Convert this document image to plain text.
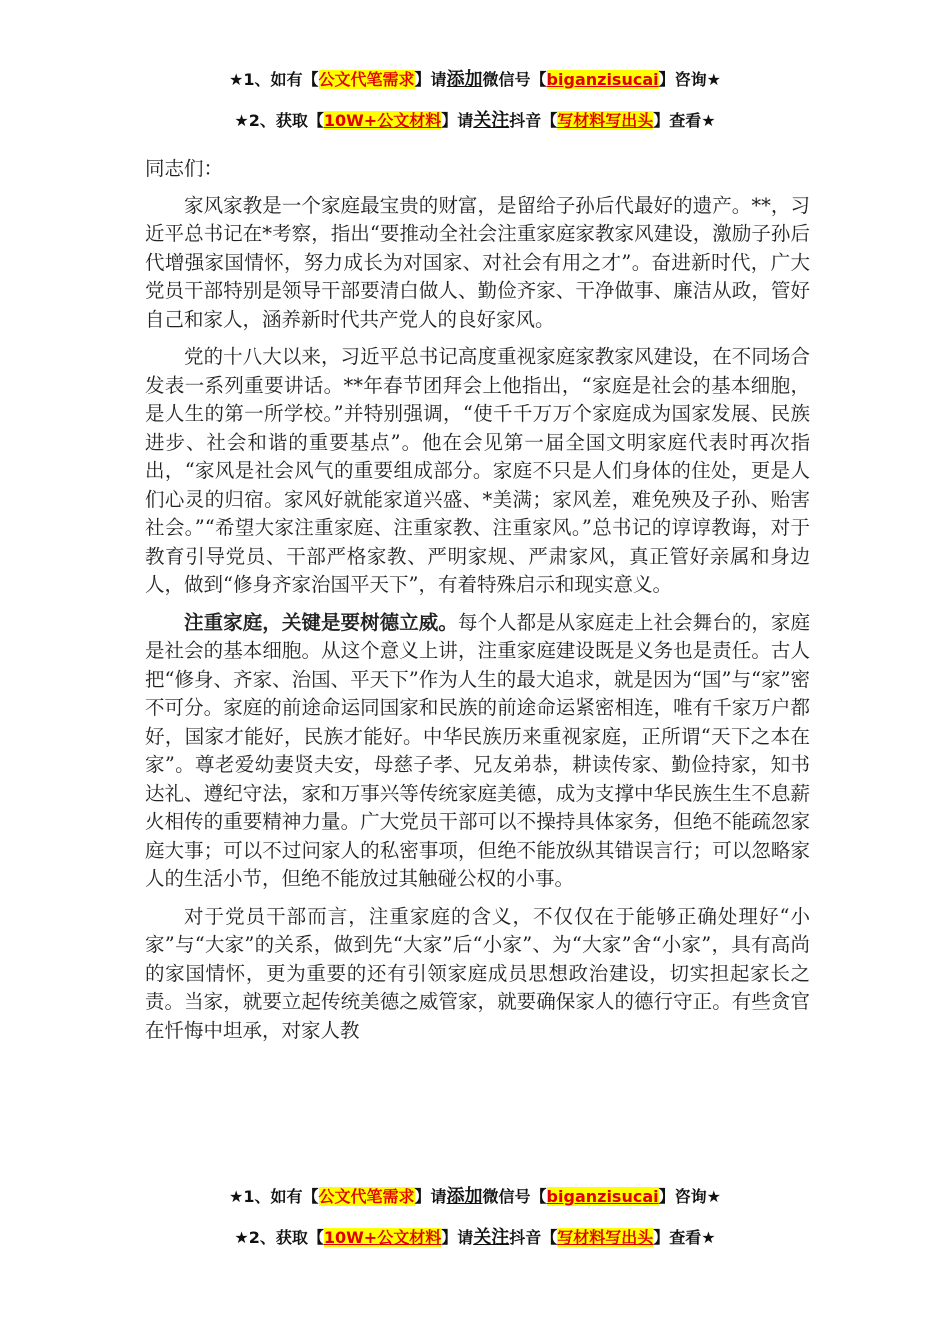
★1、如有【公文代笔需求】请添加微信号【biganzisucai】咨询★
★2、获取【10W+公文材料】请关注抖音【写材料写出头】查看★

同志们：

家风家教是一个家庭最宝贵的财富，是留给子孙后代最好的遗产。**，习近平总书记在*考察，指出“要推动全社会注重家庭家教家风建设，激励子孙后代增强家国情怀，努力成长为对国家、对社会有用之才”。奋进新时代，广大党员干部特别是领导干部要清白做人、勤俭齐家、干净做事、廉洁从政，管好自己和家人，涵养新时代共产党人的良好家风。

党的十八大以来，习近平总书记高度重视家庭家教家风建设，在不同场合发表一系列重要讲话。**年春节团拜会上他指出，“家庭是社会的基本细胞，是人生的第一所学校。”并特别强调，“使千千万万个家庭成为国家发展、民族进步、社会和谐的重要基点”。他在会见第一届全国文明家庭代表时再次指出，“家风是社会风气的重要组成部分。家庭不只是人们身体的住处，更是人们心灵的归宿。家风好就能家道兴盛、*美满；家风差，难免殃及子孙、贻害社会。”“希望大家注重家庭、注重家教、注重家风。”总书记的谆谆教诲，对于教育引导党员、干部严格家教、严明家规、严肃家风，真正管好亲属和身边人，做到“修身齐家治国平天下”，有着特殊启示和现实意义。

注重家庭，关键是要树德立威。每个人都是从家庭走上社会舞台的，家庭是社会的基本细胞。从这个意义上讲，注重家庭建设既是义务也是责任。古人把“修身、齐家、治国、平天下”作为人生的最大追求，就是因为“国”与“家”密不可分。家庭的前途命运同国家和民族的前途命运紧密相连，唯有千家万户都好，国家才能好，民族才能好。中华民族历来重视家庭，正所谓“天下之本在家”。尊老爱幼妻贤夫安，母慈子孝、兄友弟恭，耕读传家、勤俭持家，知书达礼、遵纪守法，家和万事兴等传统家庭美德，成为支撑中华民族生生不息薪火相传的重要精神力量。广大党员干部可以不操持具体家务，但绝不能疏忽家庭大事；可以不过问家人的私密事项，但绝不能放纵其错误言行；可以忽略家人的生活小节，但绝不能放过其触碰公权的小事。

对于党员干部而言，注重家庭的含义，不仅仅在于能够正确处理好“小家”与“大家”的关系，做到先“大家”后“小家”、为“大家”舍“小家”，具有高尚的家国情怀，更为重要的还有引领家庭成员思想政治建设，切实担起家长之责。当家，就要立起传统美德之威管家，就要确保家人的德行守正。有些贪官在忏悔中坦承，对家人教

★1、如有【公文代笔需求】请添加微信号【biganzisucai】咨询★
★2、获取【10W+公文材料】请关注抖音【写材料写出头】查看★
